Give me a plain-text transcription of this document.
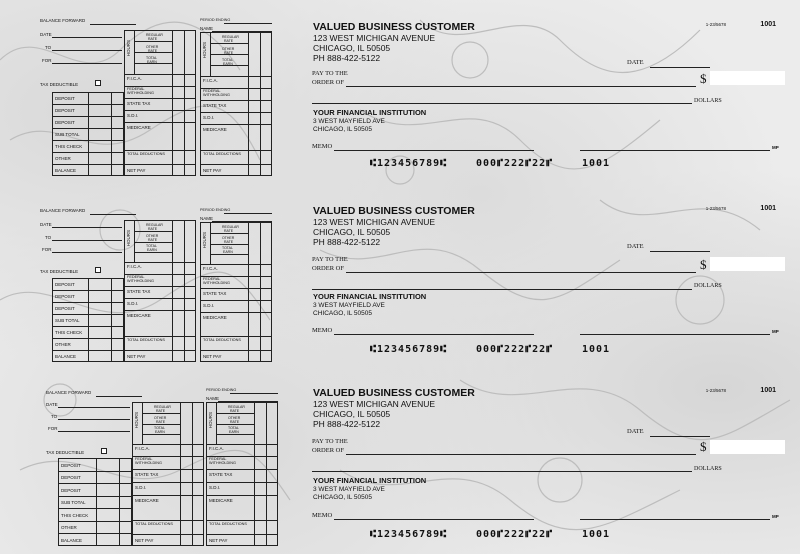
BALANCE FORWARD
DATE
TO
FOR
TAX DEDUCTIBLE
DEPOSIT
DEPOSIT
DEPOSIT
SUB TOTAL
THIS CHECK
OTHER
BALANCE
HOURS
REGULAR
RATE
OTHER
RATE
TOTAL
EARN
F.I.C.A.
FEDERAL WITHHOLDING
STATE TAX
S.D.I.
MEDICARE
TOTAL DEDUCTIONS
NET PAY
PERIOD ENDING
NAME
HOURS
REGULAR
RATE
OTHER
RATE
TOTAL
EARN
F.I.C.A.
FEDERAL WITHHOLDING
STATE TAX
S.D.I.
MEDICARE
TOTAL DEDUCTIONS
NET PAY
VALUED BUSINESS CUSTOMER
123 WEST MICHIGAN AVENUE
CHICAGO, IL 50505
PH 888-422-5122
1-23/5678	1001
DATE
PAY TO THE
ORDER OF	$
DOLLARS
YOUR FINANCIAL INSTITUTION
3 WEST MAYFIELD AVE
CHICAGO, IL 50505
MEMO	MP
⑆123456789⑆	000⑈222⑈22⑈	1001
BALANCE FORWARD
DATE
TO
FOR
TAX DEDUCTIBLE
DEPOSIT
DEPOSIT
DEPOSIT
SUB TOTAL
THIS CHECK
OTHER
BALANCE
HOURS
REGULAR
RATE
OTHER
RATE
TOTAL
EARN
F.I.C.A.
FEDERAL WITHHOLDING
STATE TAX
S.D.I.
MEDICARE
TOTAL DEDUCTIONS
NET PAY
PERIOD ENDING
NAME
HOURS
REGULAR
RATE
OTHER
RATE
TOTAL
EARN
F.I.C.A.
FEDERAL WITHHOLDING
STATE TAX
S.D.I.
MEDICARE
TOTAL DEDUCTIONS
NET PAY
VALUED BUSINESS CUSTOMER
123 WEST MICHIGAN AVENUE
CHICAGO, IL 50505
PH 888-422-5122
1-23/5678	1001
DATE
PAY TO THE
ORDER OF	$
DOLLARS
YOUR FINANCIAL INSTITUTION
3 WEST MAYFIELD AVE
CHICAGO, IL 50505
MEMO	MP
⑆123456789⑆	000⑈222⑈22⑈	1001
BALANCE FORWARD
DATE
TO
FOR
TAX DEDUCTIBLE
DEPOSIT
DEPOSIT
DEPOSIT
SUB TOTAL
THIS CHECK
OTHER
BALANCE
HOURS
REGULAR
RATE
OTHER
RATE
TOTAL
EARN
F.I.C.A.
FEDERAL WITHHOLDING
STATE TAX
S.D.I.
MEDICARE
TOTAL DEDUCTIONS
NET PAY
PERIOD ENDING
NAME
HOURS
REGULAR
RATE
OTHER
RATE
TOTAL
EARN
F.I.C.A.
FEDERAL WITHHOLDING
STATE TAX
S.D.I.
MEDICARE
TOTAL DEDUCTIONS
NET PAY
VALUED BUSINESS CUSTOMER
123 WEST MICHIGAN AVENUE
CHICAGO, IL 50505
PH 888-422-5122
1-23/5678	1001
DATE
PAY TO THE
ORDER OF	$
DOLLARS
YOUR FINANCIAL INSTITUTION
3 WEST MAYFIELD AVE
CHICAGO, IL 50505
MEMO	MP
⑆123456789⑆	000⑈222⑈22⑈	1001
